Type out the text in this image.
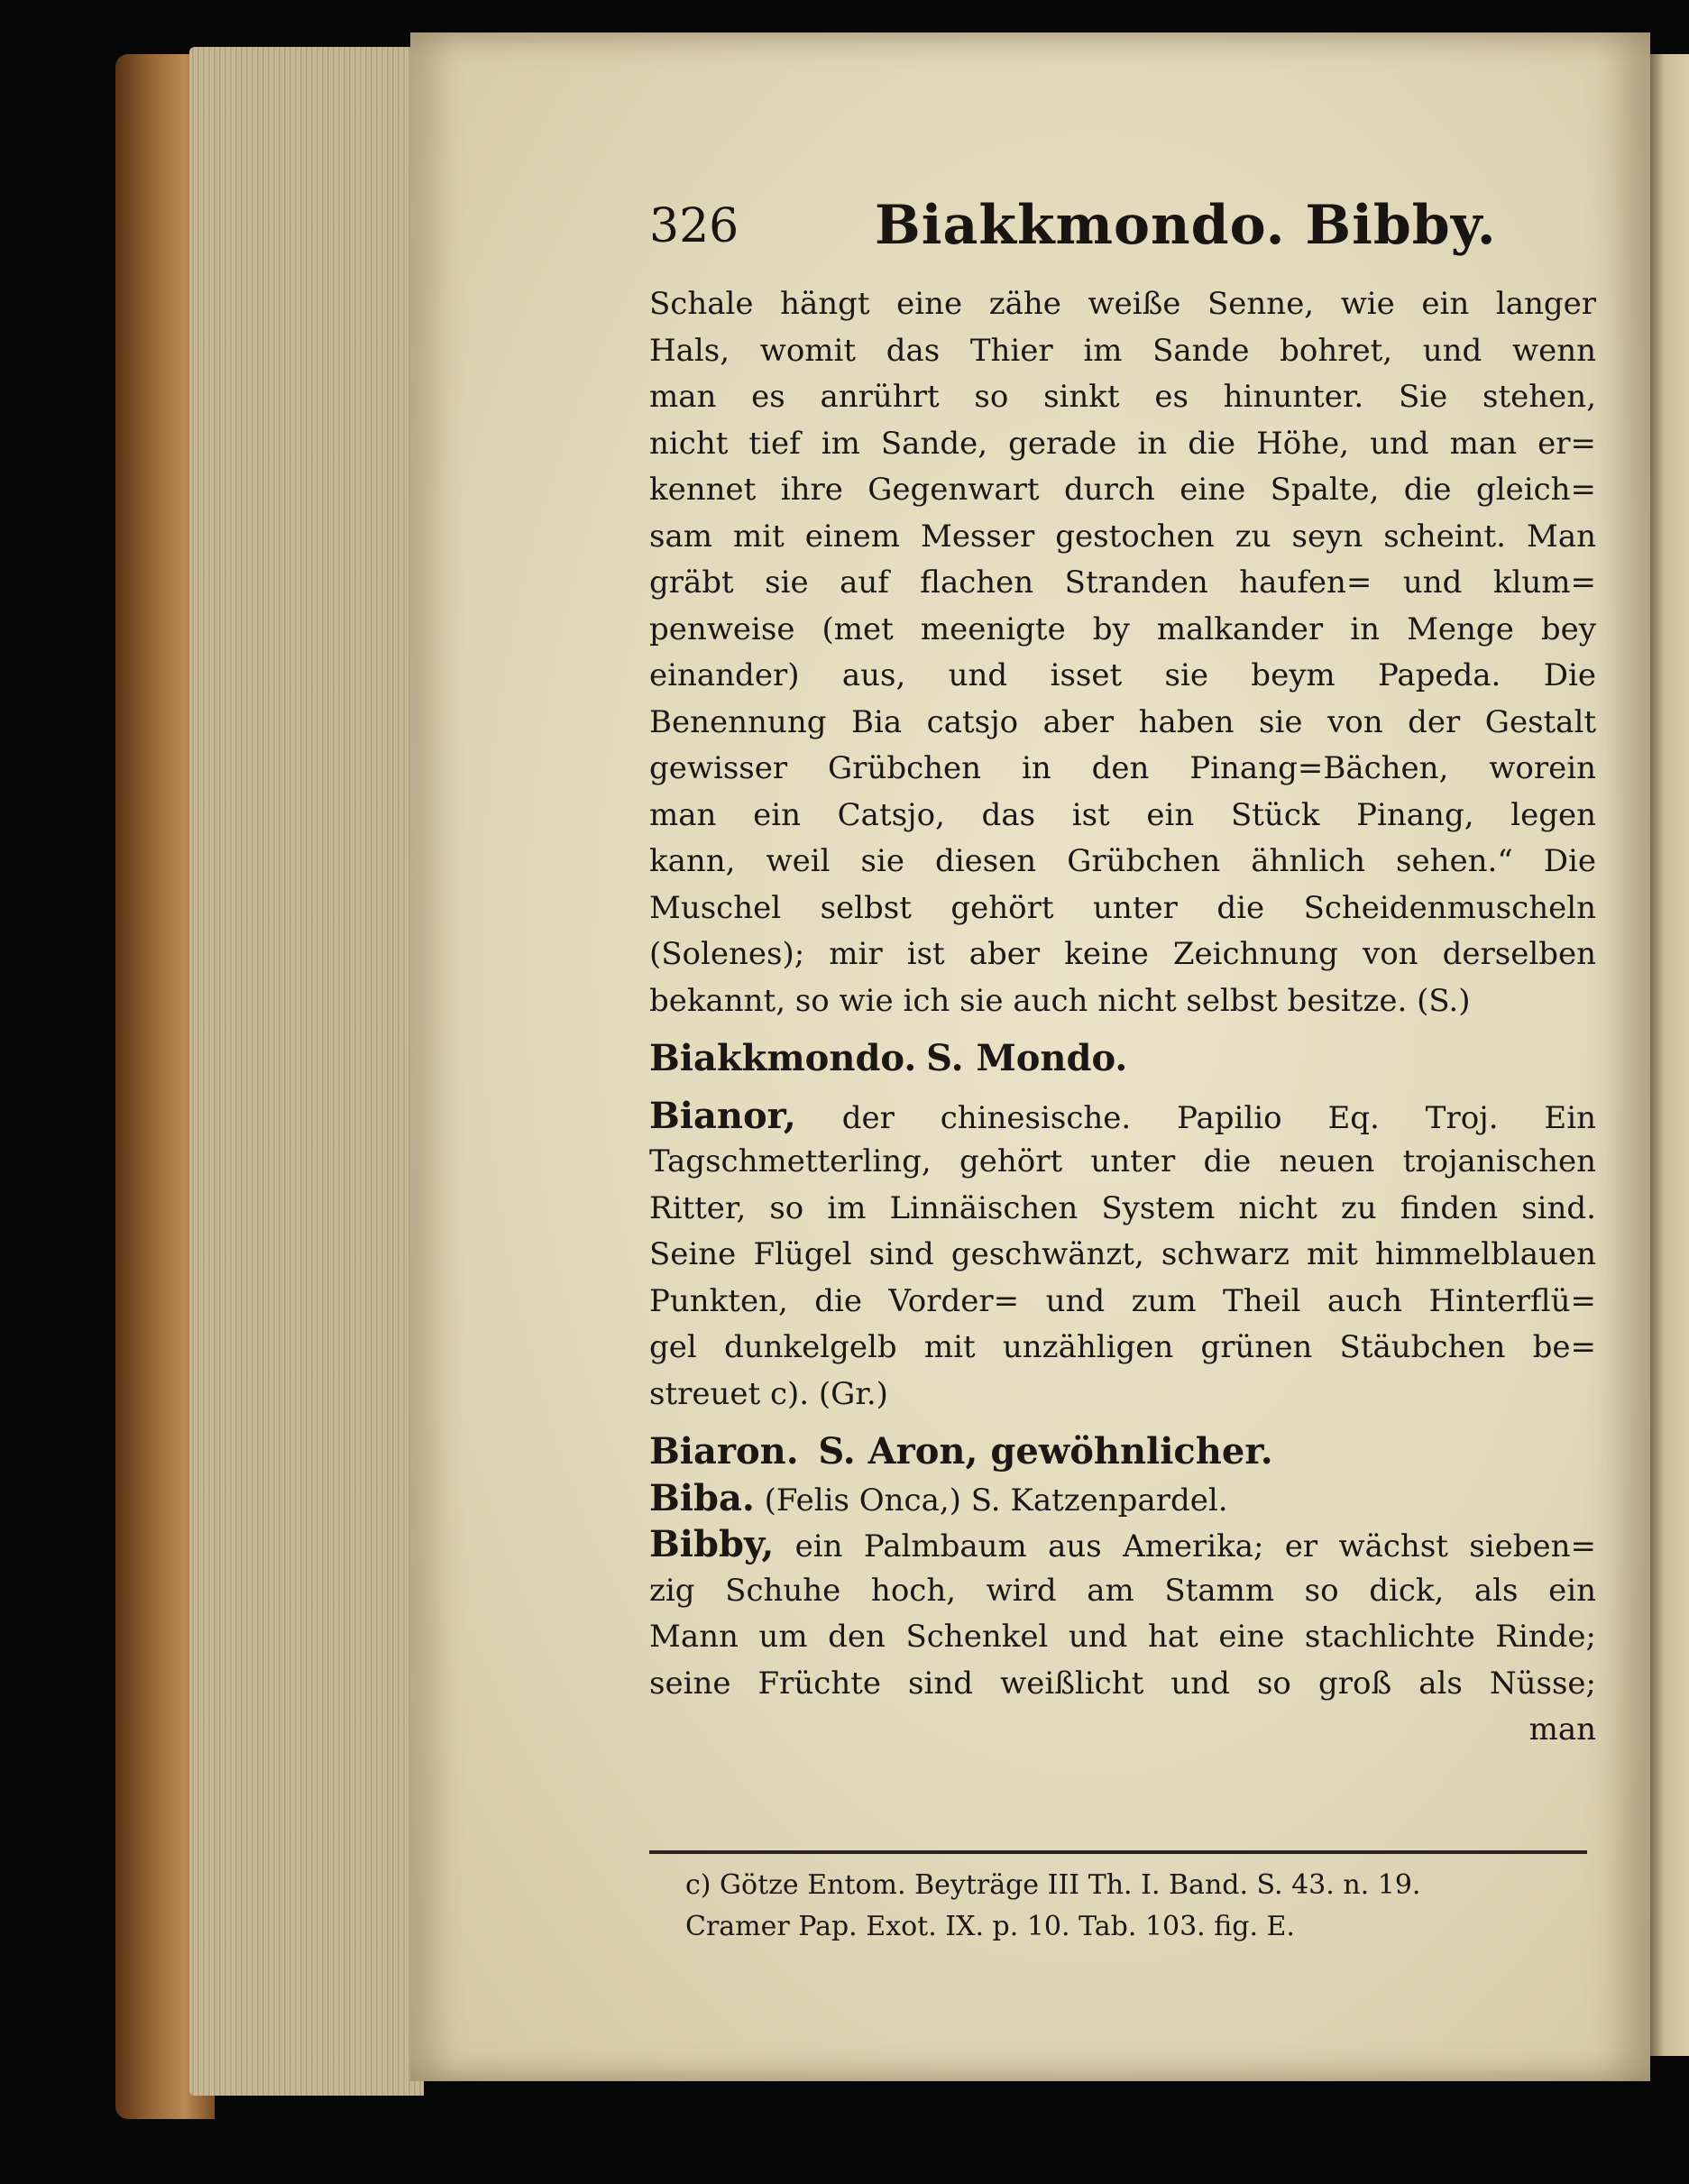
326	Biakkmondo. Bibby.
Schale hängt eine zähe weiße Senne, wie ein langer
Hals, womit das Thier im Sande bohret, und wenn
man es anrührt so sinkt es hinunter. Sie stehen,
nicht tief im Sande, gerade in die Höhe, und man er=
kennet ihre Gegenwart durch eine Spalte, die gleich=
sam mit einem Messer gestochen zu seyn scheint. Man
gräbt sie auf flachen Stranden haufen= und klum=
penweise (met meenigte by malkander in Menge bey
einander) aus, und isset sie beym Papeda. Die
Benennung Bia catsjo aber haben sie von der Gestalt
gewisser Grübchen in den Pinang=Bächen, worein
man ein Catsjo, das ist ein Stück Pinang, legen
kann, weil sie diesen Grübchen ähnlich sehen.“ Die
Muschel selbst gehört unter die Scheidenmuscheln
(Solenes); mir ist aber keine Zeichnung von derselben
bekannt, so wie ich sie auch nicht selbst besitze. (S.)
Biakkmondo. S. Mondo.
Bianor, der chinesische. Papilio Eq. Troj. Ein
Tagschmetterling, gehört unter die neuen trojanischen
Ritter, so im Linnäischen System nicht zu finden sind.
Seine Flügel sind geschwänzt, schwarz mit himmelblauen
Punkten, die Vorder= und zum Theil auch Hinterflü=
gel dunkelgelb mit unzähligen grünen Stäubchen be=
streuet c). (Gr.)
Biaron. S. Aron, gewöhnlicher.
Biba. (Felis Onca,) S. Katzenpardel.
Bibby, ein Palmbaum aus Amerika; er wächst sieben=
zig Schuhe hoch, wird am Stamm so dick, als ein
Mann um den Schenkel und hat eine stachlichte Rinde;
seine Früchte sind weißlicht und so groß als Nüsse;
man
c) Götze Entom. Beyträge III Th. I. Band. S. 43. n. 19.
Cramer Pap. Exot. IX. p. 10. Tab. 103. fig. E.
